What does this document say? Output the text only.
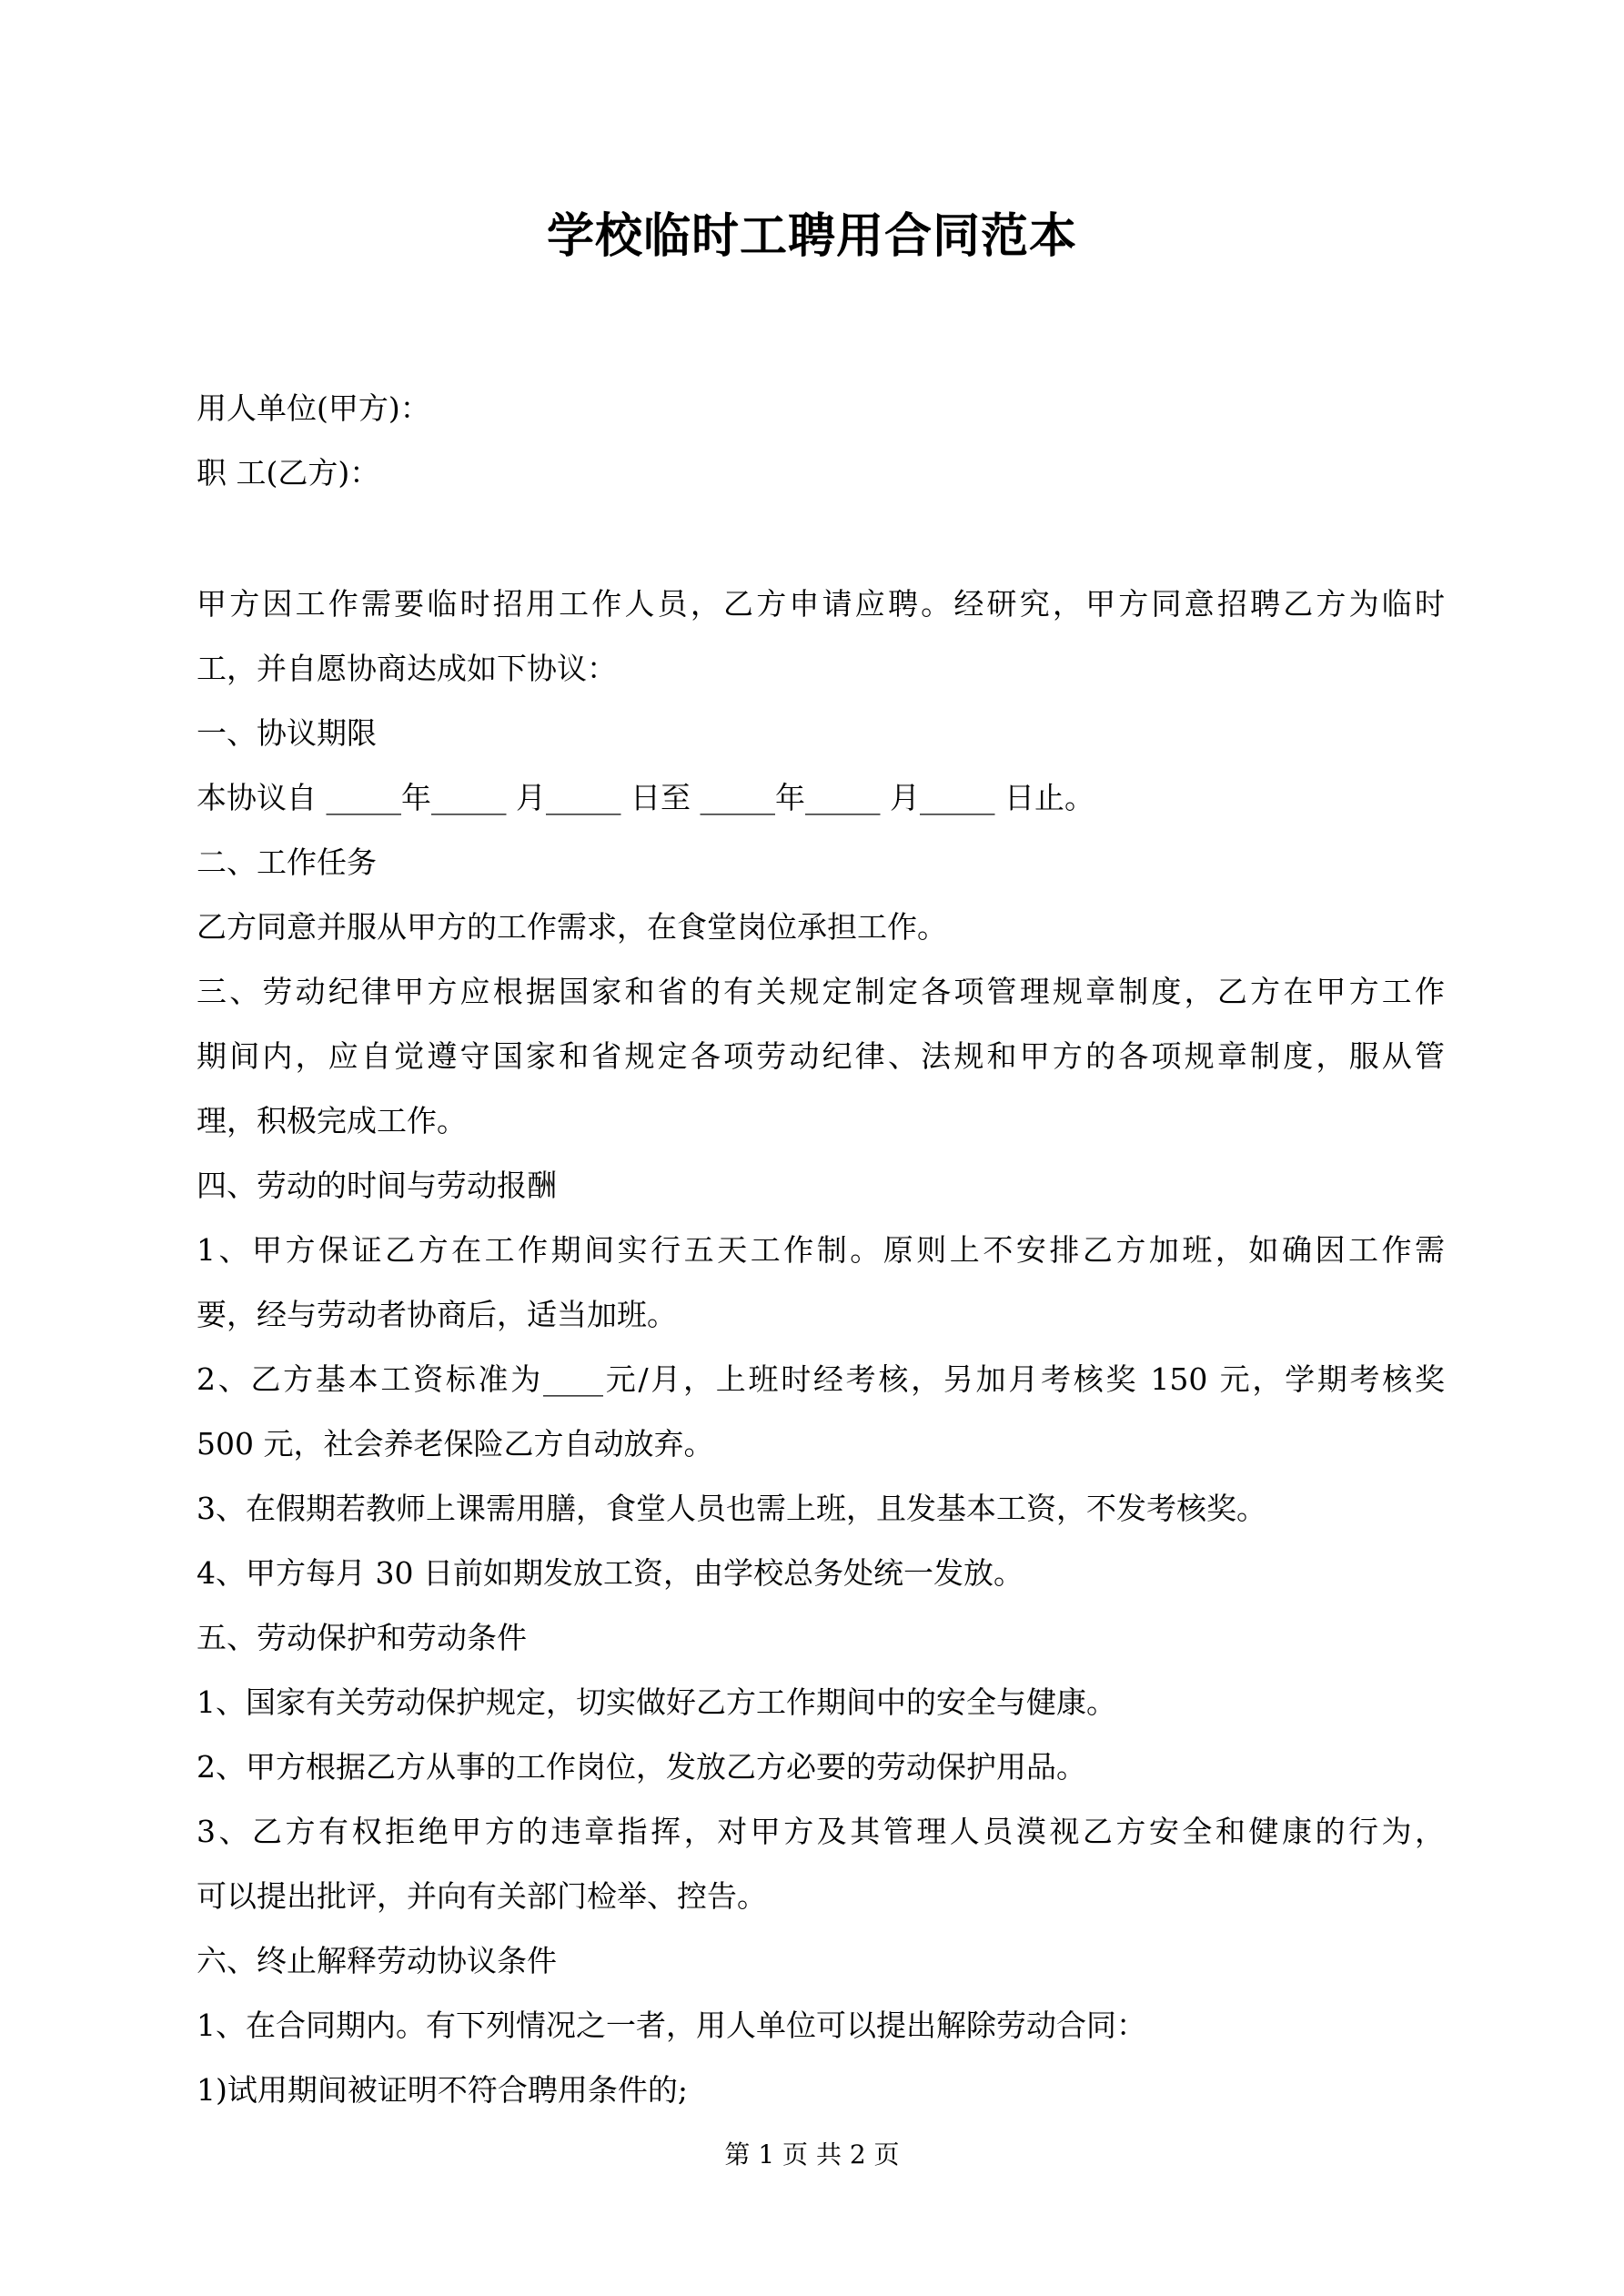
学校临时工聘用合同范本
用人单位(甲方)：
职 工(乙方)：
甲方因工作需要临时招用工作人员，乙方申请应聘。经研究，甲方同意招聘乙方为临时
工，并自愿协商达成如下协议：
一、协议期限
本协议自 _____年_____ 月_____ 日至 _____年_____ 月_____ 日止。
二、工作任务
乙方同意并服从甲方的工作需求，在食堂岗位承担工作。
三、劳动纪律甲方应根据国家和省的有关规定制定各项管理规章制度，乙方在甲方工作
期间内，应自觉遵守国家和省规定各项劳动纪律、法规和甲方的各项规章制度，服从管
理，积极完成工作。
四、劳动的时间与劳动报酬
1、甲方保证乙方在工作期间实行五天工作制。原则上不安排乙方加班，如确因工作需
要，经与劳动者协商后，适当加班。
2、乙方基本工资标准为____元/月，上班时经考核，另加月考核奖 150 元，学期考核奖
500 元，社会养老保险乙方自动放弃。
3、在假期若教师上课需用膳，食堂人员也需上班，且发基本工资，不发考核奖。
4、甲方每月 30 日前如期发放工资，由学校总务处统一发放。
五、劳动保护和劳动条件
1、国家有关劳动保护规定，切实做好乙方工作期间中的安全与健康。
2、甲方根据乙方从事的工作岗位，发放乙方必要的劳动保护用品。
3、乙方有权拒绝甲方的违章指挥，对甲方及其管理人员漠视乙方安全和健康的行为，
可以提出批评，并向有关部门检举、控告。
六、终止解释劳动协议条件
1、在合同期内。有下列情况之一者，用人单位可以提出解除劳动合同：
1)试用期间被证明不符合聘用条件的;
第 1 页 共 2 页
